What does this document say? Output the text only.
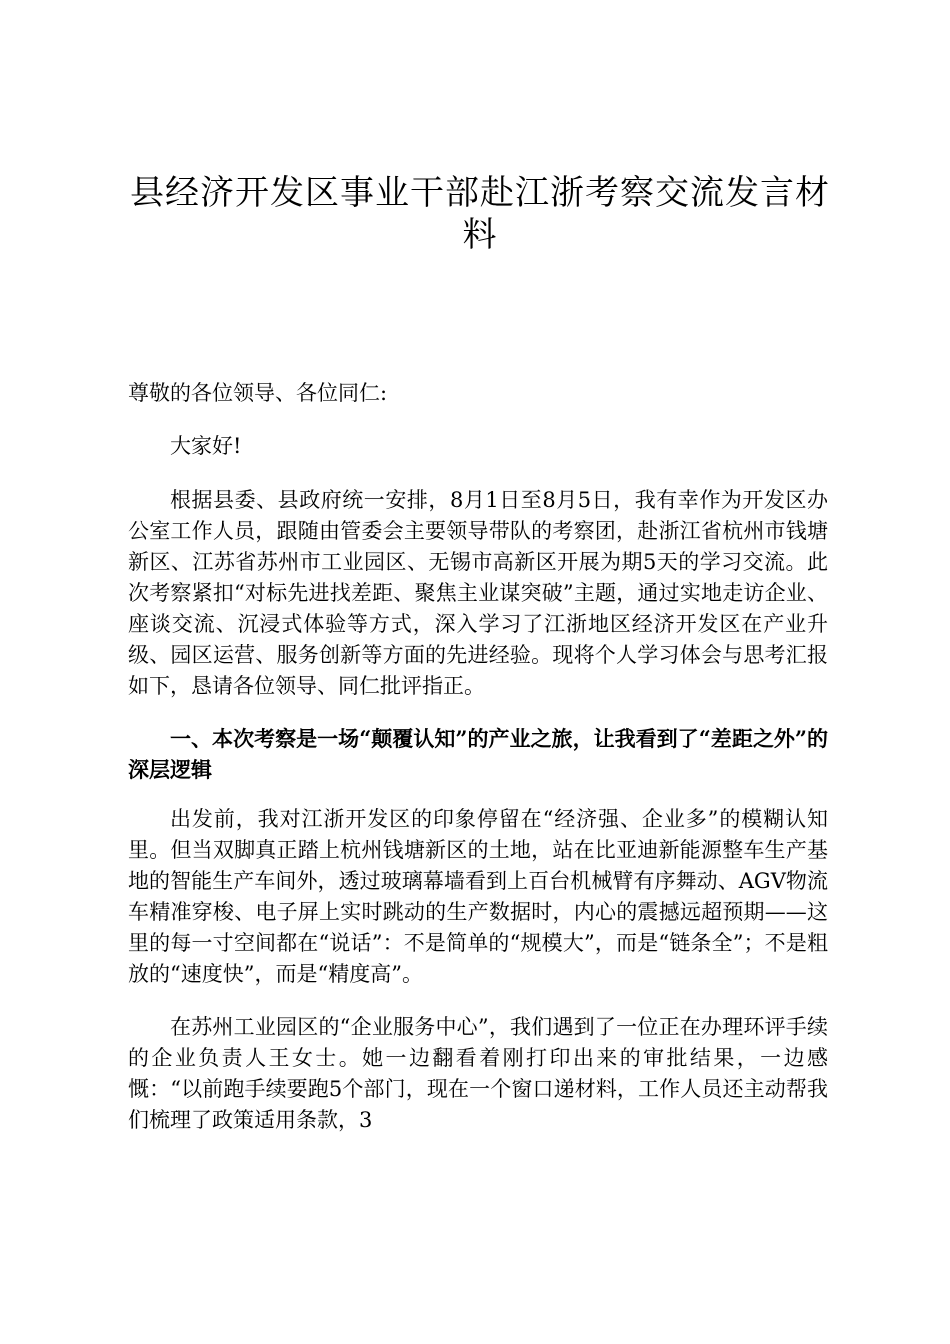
县经济开发区事业干部赴江浙考察交流发言材料

尊敬的各位领导、各位同仁:

大家好!

根据县委、县政府统一安排，8月1日至8月5日，我有幸作为开发区办公室工作人员，跟随由管委会主要领导带队的考察团，赴浙江省杭州市钱塘新区、江苏省苏州市工业园区、无锡市高新区开展为期5天的学习交流。此次考察紧扣“对标先进找差距、聚焦主业谋突破”主题，通过实地走访企业、座谈交流、沉浸式体验等方式，深入学习了江浙地区经济开发区在产业升级、园区运营、服务创新等方面的先进经验。现将个人学习体会与思考汇报如下，恳请各位领导、同仁批评指正。

一、本次考察是一场“颠覆认知”的产业之旅，让我看到了“差距之外”的深层逻辑

出发前，我对江浙开发区的印象停留在“经济强、企业多”的模糊认知里。但当双脚真正踏上杭州钱塘新区的土地，站在比亚迪新能源整车生产基地的智能生产车间外，透过玻璃幕墙看到上百台机械臂有序舞动、AGV物流车精准穿梭、电子屏上实时跳动的生产数据时，内心的震撼远超预期——这里的每一寸空间都在“说话”：不是简单的“规模大”，而是“链条全”；不是粗放的“速度快”，而是“精度高”。

在苏州工业园区的“企业服务中心”，我们遇到了一位正在办理环评手续的企业负责人王女士。她一边翻看着刚打印出来的审批结果，一边感慨：“以前跑手续要跑5个部门，现在一个窗口递材料，工作人员还主动帮我们梳理了政策适用条款，3
